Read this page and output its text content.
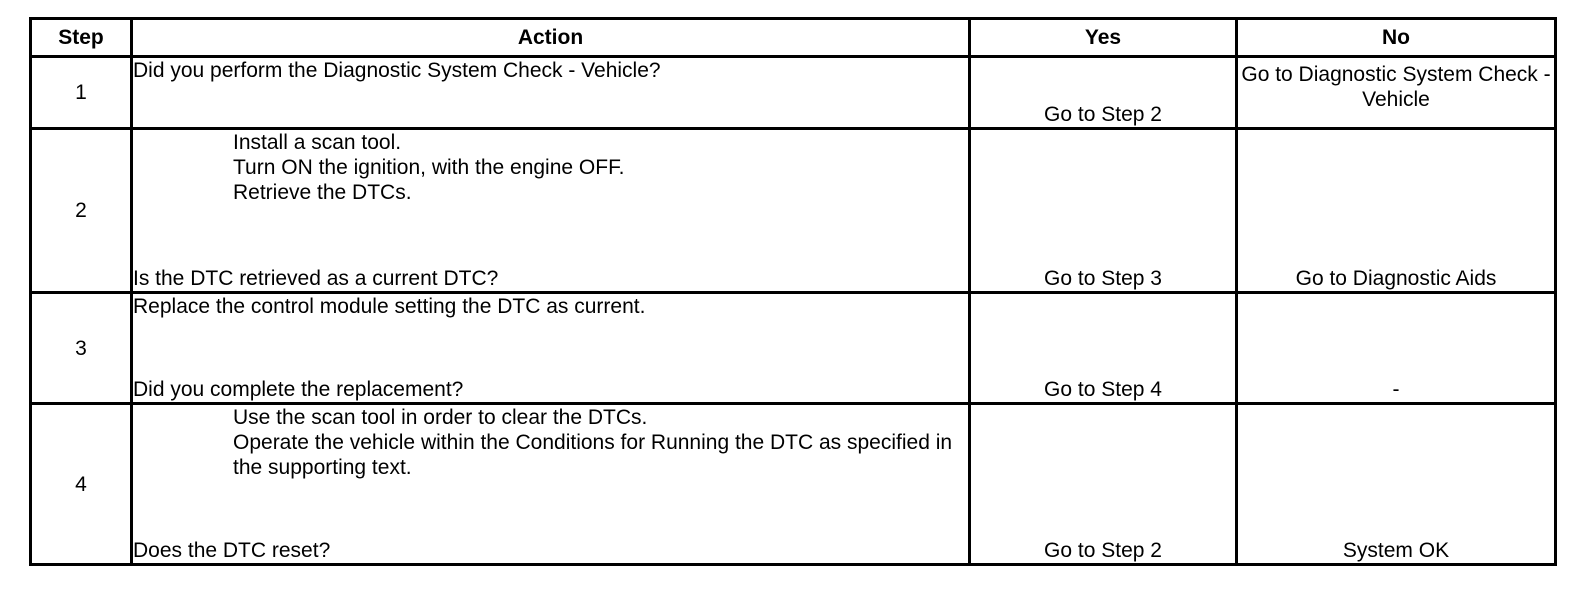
Step	Action	Yes	No
1	Did you perform the Diagnostic System Check - Vehicle?	Go to Step 2	Go to Diagnostic System Check - Vehicle
2	Install a scan tool.

Turn ON the ignition, with the engine OFF.

Retrieve the DTCs.

Is the DTC retrieved as a current DTC?	Go to Step 3	Go to Diagnostic Aids
3	Replace the control module setting the DTC as current.

Did you complete the replacement?	Go to Step 4	-
4	Use the scan tool in order to clear the DTCs.

Operate the vehicle within the Conditions for Running the DTC as specified in the supporting text.

Does the DTC reset?	Go to Step 2	System OK
